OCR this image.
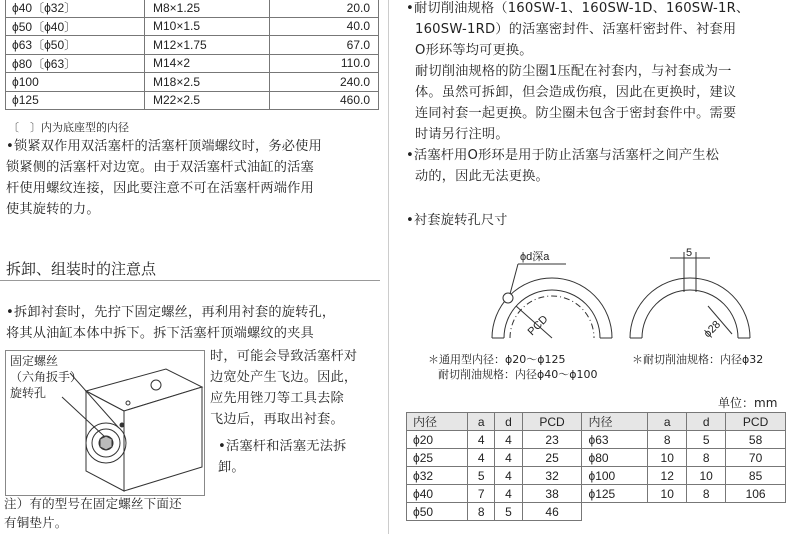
ϕ40〔ϕ32〕	M8×1.25	20.0
ϕ50〔ϕ40〕	M10×1.5	40.0
ϕ63〔ϕ50〕	M12×1.75	67.0
ϕ80〔ϕ63〕	M14×2	110.0
ϕ100	M18×2.5	240.0
ϕ125	M22×2.5	460.0
〔　〕内为底座型的内径
•锁紧双作用双活塞杆的活塞杆顶端螺纹时，务必使用
锁紧侧的活塞杆对边宽。由于双活塞杆式油缸的活塞
杆使用螺纹连接，因此要注意不可在活塞杆两端作用
使其旋转的力。
拆卸、组装时的注意点
•拆卸衬套时，先拧下固定螺丝，再利用衬套的旋转孔，
将其从油缸本体中拆下。拆下活塞杆顶端螺纹的夹具
固定螺丝
（六角扳手）
旋转孔
时，可能会导致活塞杆对
边宽处产生飞边。因此，
应先用锉刀等工具去除
飞边后，再取出衬套。
•活塞杆和活塞无法拆
卸。
注）有的型号在固定螺丝下面还
有铜垫片。
•耐切削油规格（160SW-1、160SW-1D、160SW-1R、
160SW-1RD）的活塞密封件、活塞杆密封件、衬套用
O形环等均可更换。
耐切削油规格的防尘圈1压配在衬套内，与衬套成为一
体。虽然可拆卸，但会造成伤痕，因此在更换时，建议
连同衬套一起更换。防尘圈未包含于密封套件中。需要
时请另行注明。
•活塞杆用O形环是用于防止活塞与活塞杆之间产生松
动的，因此无法更换。
•衬套旋转孔尺寸
ϕd深a
PCD
5
ϕ28
＊通用型内径：ϕ20～ϕ125
耐切削油规格：内径ϕ40～ϕ100
＊耐切削油规格：内径ϕ32
单位：mm
内径	a	d	PCD	内径	a	d	PCD
ϕ20	4	4	23	ϕ63	8	5	58
ϕ25	4	4	25	ϕ80	10	8	70
ϕ32	5	4	32	ϕ100	12	10	85
ϕ40	7	4	38	ϕ125	10	8	106
ϕ50	8	5	46				
